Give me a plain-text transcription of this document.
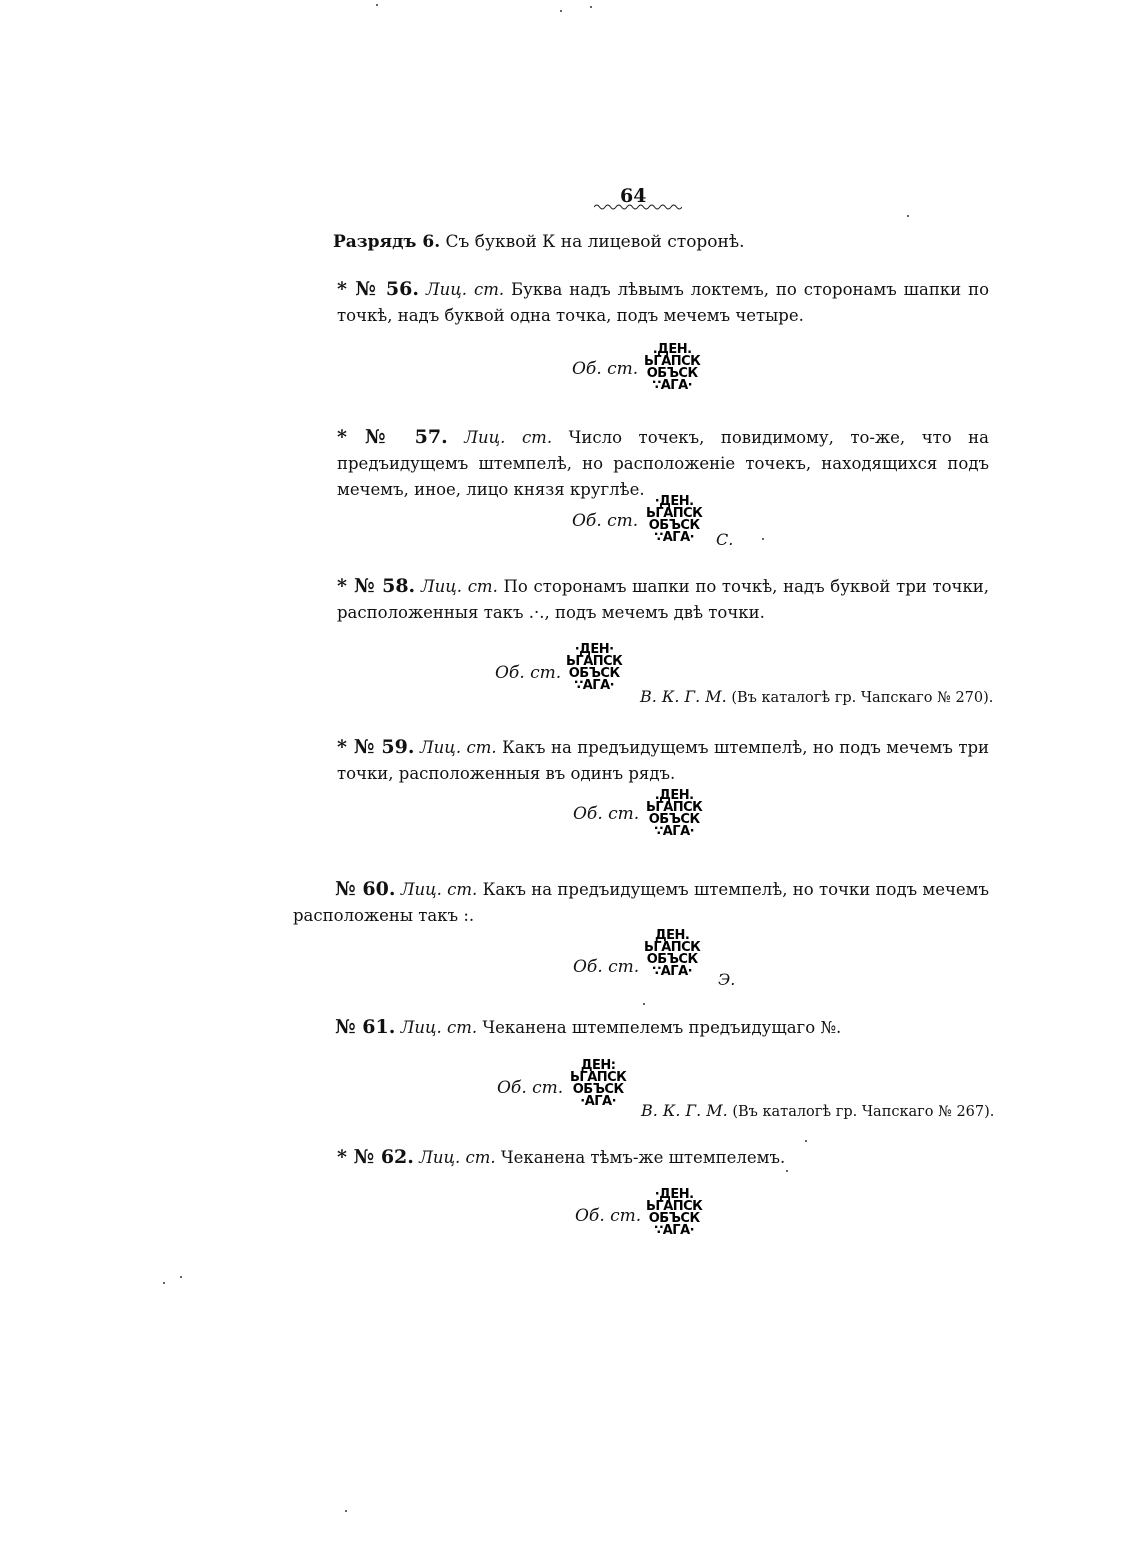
64
Разрядъ 6. Съ буквой К на лицевой сторонѣ.
* № 56. Лиц. ст. Буква надъ лѣвымъ локтемъ, по сторонамъ шапки по точкѣ, надъ буквой одна точка, подъ мечемъ четыре.
Об. ст.
.ДЕН.
ЬГАПСК
ОБЪСК
∵АГА·
* № 57. Лиц. ст. Число точекъ, повидимому, то-же, что на предъидущемъ штемпелѣ, но расположеніе точекъ, находящихся подъ мечемъ, иное, лицо князя круглѣе.
Об. ст.
·ДЕН.
ЬГАПСК
ОБЪСК
∵АГА·	С.
* № 58. Лиц. ст. По сторонамъ шапки по точкѣ, надъ буквой три точки, расположенныя такъ .·., подъ мечемъ двѣ точки.
Об. ст.
·ДЕН·
ЬГАПСК
ОБЪСК
∵АГА·
В. К. Г. М. (Въ каталогѣ гр. Чапскаго № 270).
* № 59. Лиц. ст. Какъ на предъидущемъ штемпелѣ, но подъ мечемъ три точки, расположенныя въ одинъ рядъ.
Об. ст.
.ДЕН.
ЬГАПСК
ОБЪСК
∵АГА·
№ 60. Лиц. ст. Какъ на предъидущемъ штемпелѣ, но точки подъ мечемъ расположены такъ :.
Об. ст.
ДЕН.
ЬГАПСК
ОБЪСК
∵АГА·	Э.
№ 61. Лиц. ст. Чеканена штемпелемъ предъидущаго №.
Об. ст.
ДЕН:
ЬГАПСК
ОБЪСК
·АГА·	В. К. Г. М. (Въ каталогѣ гр. Чапскаго № 267).
* № 62. Лиц. ст. Чеканена тѣмъ-же штемпелемъ.
Об. ст.
·ДЕН.
ЬГАПСК
ОБЪСК
∵АГА·
